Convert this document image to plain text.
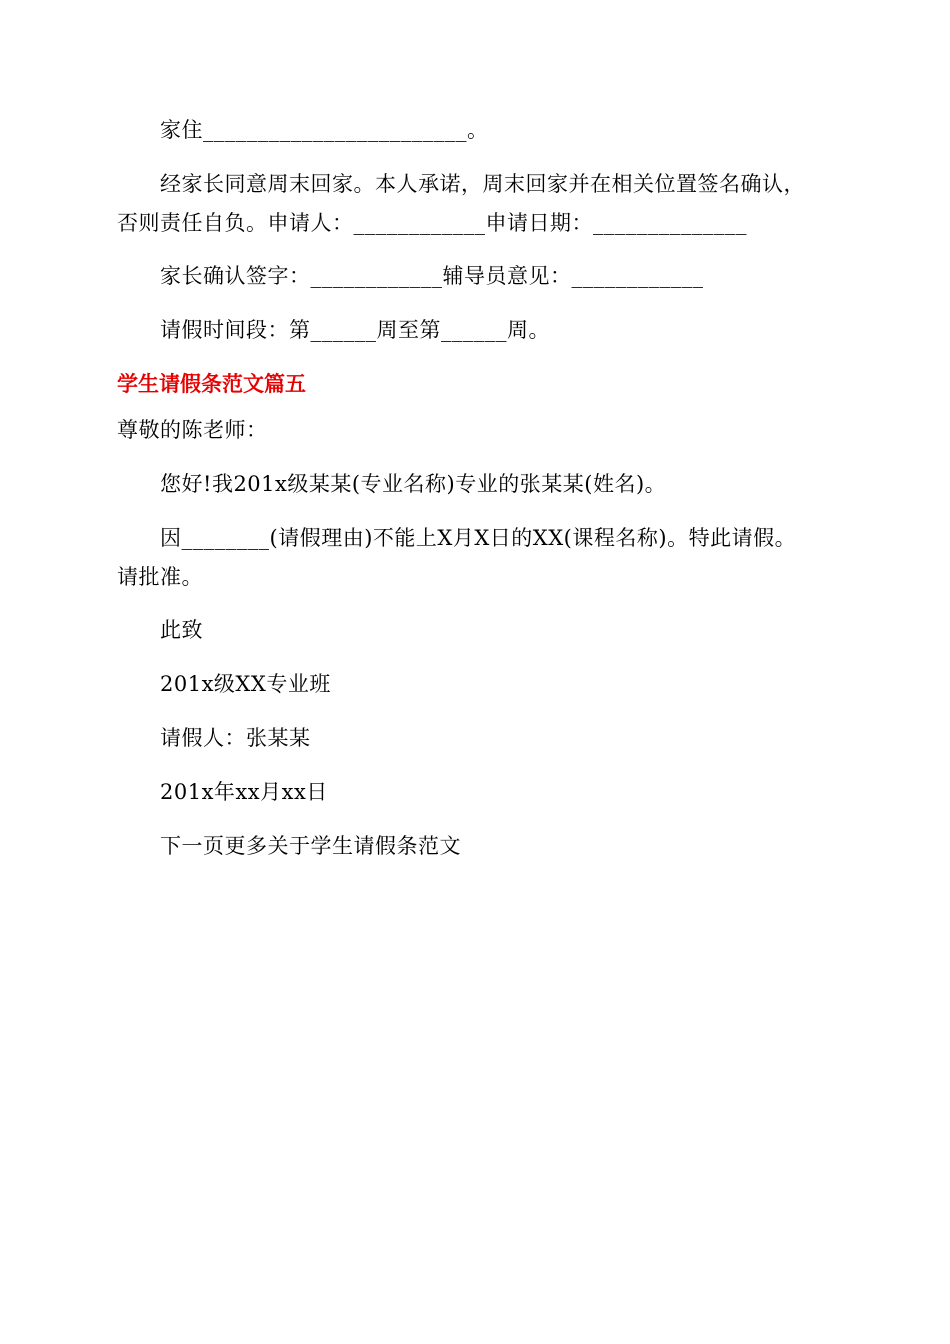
家住________________________。
经家长同意周末回家。本人承诺，周末回家并在相关位置签名确认，
否则责任自负。申请人：____________申请日期：______________
家长确认签字：____________辅导员意见：____________
请假时间段：第______周至第______周。
学生请假条范文篇五
尊敬的陈老师：
您好!我201x级某某(专业名称)专业的张某某(姓名)。
因________(请假理由)不能上X月X日的XX(课程名称)。特此请假。
请批准。
此致
201x级XX专业班
请假人：张某某
201x年xx月xx日
下一页更多关于学生请假条范文
